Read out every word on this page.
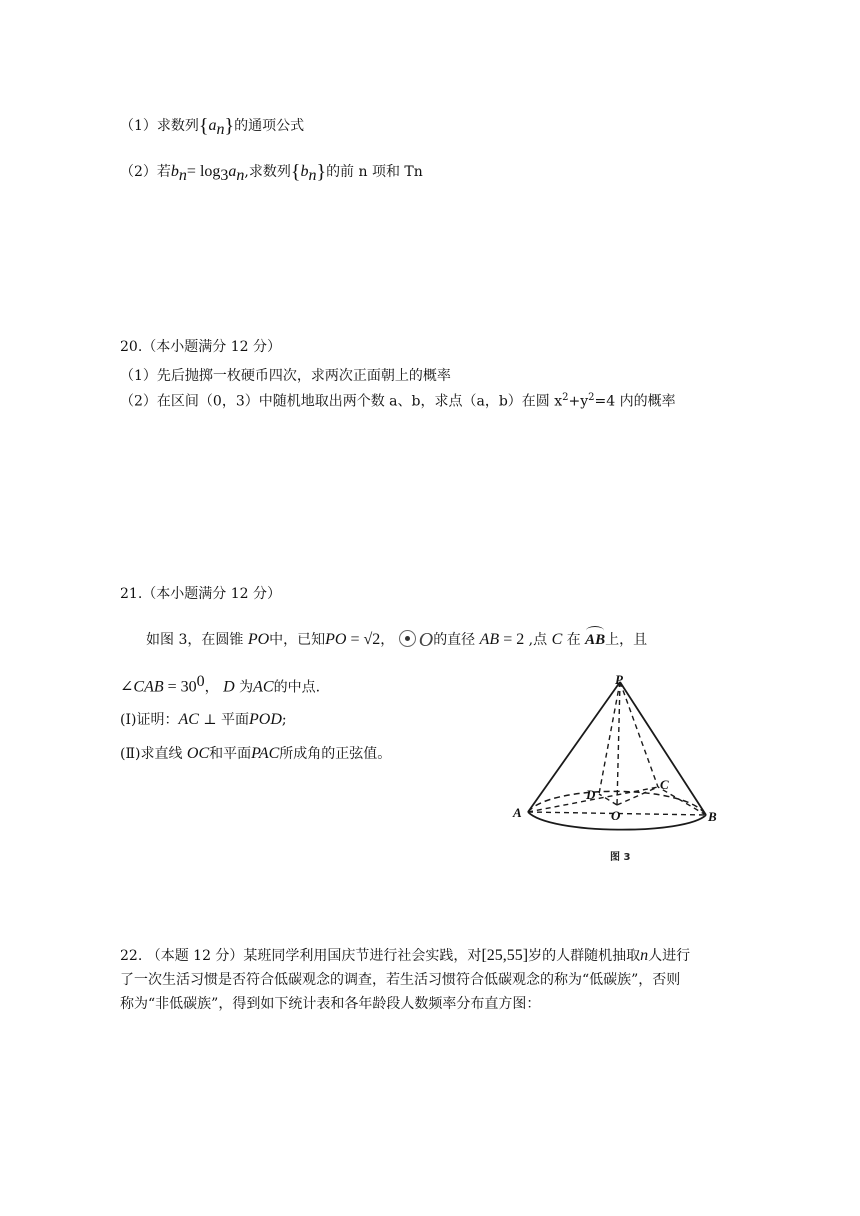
（1）求数列$\{a_n\}$的通项公式
（2）若$b_n= \log_3a_n$,求数列$\{b_n\}$的前 n 项和 Tn
20.（本小题满分 12 分）
（1）先后抛掷一枚硬币四次，求两次正面朝上的概率
（2）在区间（0，3）中随机地取出两个数 a、b，求点（a，b）在圆 $x^2+y^2=4$ 内的概率
21.（本小题满分 12 分）
如图 3，在圆锥 PO中，已知PO = √2， O的直径 AB = 2 ,点 C 在 AB上，且
∠CAB = $30^0$， D 为AC的中点.
(Ⅰ)证明：AC ⊥ 平面POD;
(Ⅱ)求直线 OC和平面PAC所成角的正弦值。
P
A	B
C
D
O
图 3
22. （本题 12 分）某班同学利用国庆节进行社会实践，对[25,55]岁的人群随机抽取n人进行
了一次生活习惯是否符合低碳观念的调查，若生活习惯符合低碳观念的称为“低碳族”，否则
称为“非低碳族”，得到如下统计表和各年龄段人数频率分布直方图：
